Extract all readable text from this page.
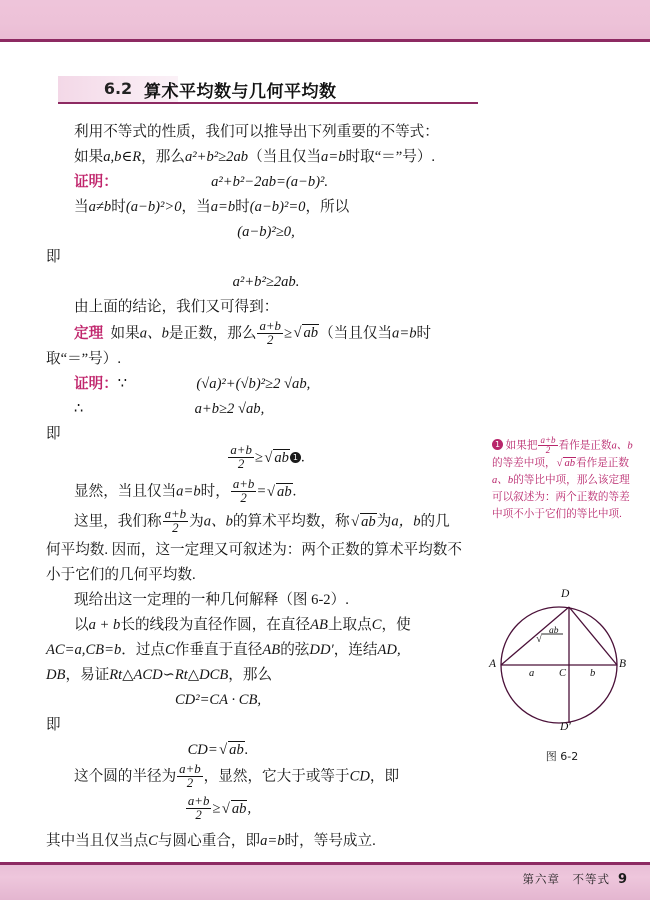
6.2 算术平均数与几何平均数
利用不等式的性质，我们可以推导出下列重要的不等式：
如果a,b∈R，那么a²+b²≥2ab（当且仅当a=b时取“＝”号）.
证明：	a²+b²−2ab=(a−b)².
当a≠b时(a−b)²>0，当a=b时(a−b)²=0，所以
(a−b)²≥0,
即
a²+b²≥2ab.
由上面的结论，我们又可得到：
定理 如果a、b是正数，那么 $\frac{a+b}{2}$ ≥√ ab（当且仅当a=b时
取“＝”号）.
证明：∵	(√a)²+(√b)²≥2 √ab,
∴	a+b≥2 √ab,
即
$\frac{a+b}{2}$ ≥√ ab 1 .
显然，当且仅当a=b时， $\frac{a+b}{2}$ =√ ab.
这里，我们称 $\frac{a+b}{2}$ 为a、b的算术平均数，称√ ab为a，b的几
何平均数. 因而，这一定理又可叙述为：两个正数的算术平均数不
小于它们的几何平均数.
现给出这一定理的一种几何解释（图 6-2）.
以a + b长的线段为直径作圆，在直径AB上取点C，使
AC=a,CB=b．过点C作垂直于直径AB的弦DD′，连结AD,
DB，易证Rt△ACD∽Rt△DCB，那么
CD²=CA · CB,
即
CD=√ ab.
这个圆的半径为 $\frac{a+b}{2}$ ，显然，它大于或等于CD，即
$\frac{a+b}{2}$ ≥√ ab,
其中当且仅当点C与圆心重合，即a=b时，等号成立.
1 如果把 $\frac{a+b}{2}$ 看作是正数a、b的等差中项，√ ab看作是正数a、b的等比中项，那么该定理可以叙述为：两个正数的等差中项不小于它们的等比中项.
√
D
A	B
C
a	b
D′
ab
图 6-2
第六章　不等式 9
